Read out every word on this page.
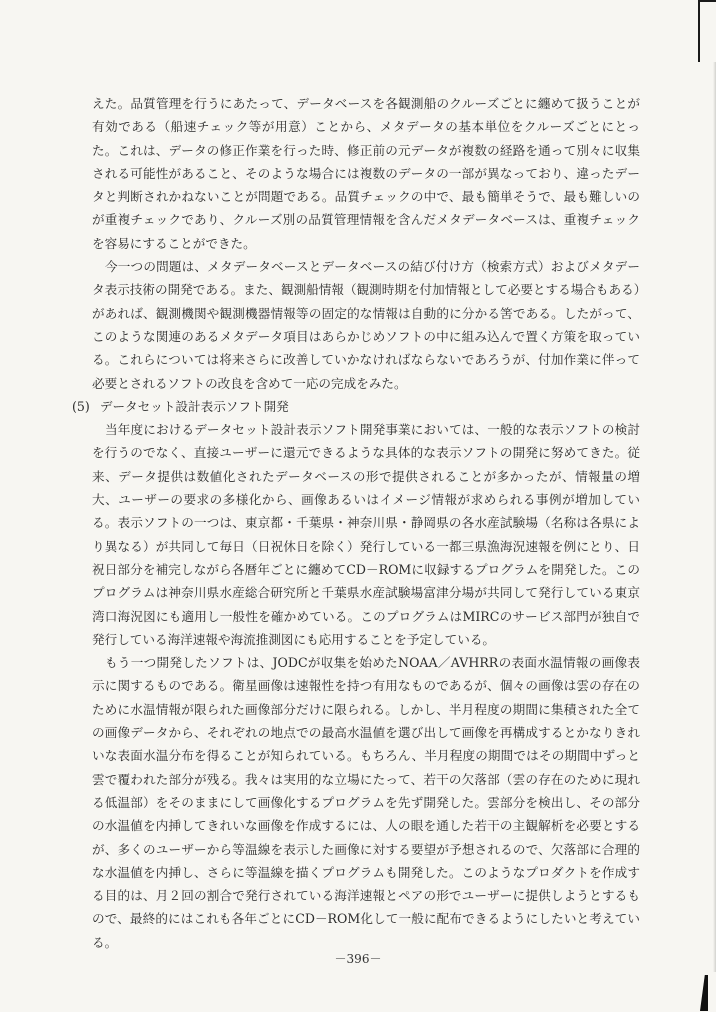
えた。品質管理を行うにあたって、データベースを各観測船のクルーズごとに纏めて扱うことが有効である（船速チェック等が用意）ことから、メタデータの基本単位をクルーズごとにとった。これは、データの修正作業を行った時、修正前の元データが複数の経路を通って別々に収集される可能性があること、そのような場合には複数のデータの一部が異なっており、違ったデータと判断されかねないことが問題である。品質チェックの中で、最も簡単そうで、最も難しいのが重複チェックであり、クルーズ別の品質管理情報を含んだメタデータベースは、重複チェックを容易にすることができた。

今一つの問題は、メタデータベースとデータベースの結び付け方（検索方式）およびメタデータ表示技術の開発である。また、観測船情報（観測時期を付加情報として必要とする場合もある）があれば、観測機関や観測機器情報等の固定的な情報は自動的に分かる筈である。したがって、このような関連のあるメタデータ項目はあらかじめソフトの中に組み込んで置く方策を取っている。これらについては将来さらに改善していかなければならないであろうが、付加作業に伴って必要とされるソフトの改良を含めて一応の完成をみた。

(5) データセット設計表示ソフト開発

当年度におけるデータセット設計表示ソフト開発事業においては、一般的な表示ソフトの検討を行うのでなく、直接ユーザーに還元できるような具体的な表示ソフトの開発に努めてきた。従来、データ提供は数値化されたデータベースの形で提供されることが多かったが、情報量の増大、ユーザーの要求の多様化から、画像あるいはイメージ情報が求められる事例が増加している。表示ソフトの一つは、東京都・千葉県・神奈川県・静岡県の各水産試験場（名称は各県により異なる）が共同して毎日（日祝休日を除く）発行している一都三県漁海況速報を例にとり、日祝日部分を補完しながら各暦年ごとに纏めてCD－ROMに収録するプログラムを開発した。このプログラムは神奈川県水産総合研究所と千葉県水産試験場富津分場が共同して発行している東京湾口海況図にも適用し一般性を確かめている。このプログラムはMIRCのサービス部門が独自で発行している海洋速報や海流推測図にも応用することを予定している。

もう一つ開発したソフトは、JODCが収集を始めたNOAA／AVHRRの表面水温情報の画像表示に関するものである。衛星画像は速報性を持つ有用なものであるが、個々の画像は雲の存在のために水温情報が限られた画像部分だけに限られる。しかし、半月程度の期間に集積された全ての画像データから、それぞれの地点での最高水温値を選び出して画像を再構成するとかなりきれいな表面水温分布を得ることが知られている。もちろん、半月程度の期間ではその期間中ずっと雲で覆われた部分が残る。我々は実用的な立場にたって、若干の欠落部（雲の存在のために現れる低温部）をそのままにして画像化するプログラムを先ず開発した。雲部分を検出し、その部分の水温値を内挿してきれいな画像を作成するには、人の眼を通した若干の主観解析を必要とするが、多くのユーザーから等温線を表示した画像に対する要望が予想されるので、欠落部に合理的な水温値を内挿し、さらに等温線を描くプログラムも開発した。このようなプロダクトを作成する目的は、月２回の割合で発行されている海洋速報とペアの形でユーザーに提供しようとするもので、最終的にはこれも各年ごとにCD－ROM化して一般に配布できるようにしたいと考えている。

－396－
